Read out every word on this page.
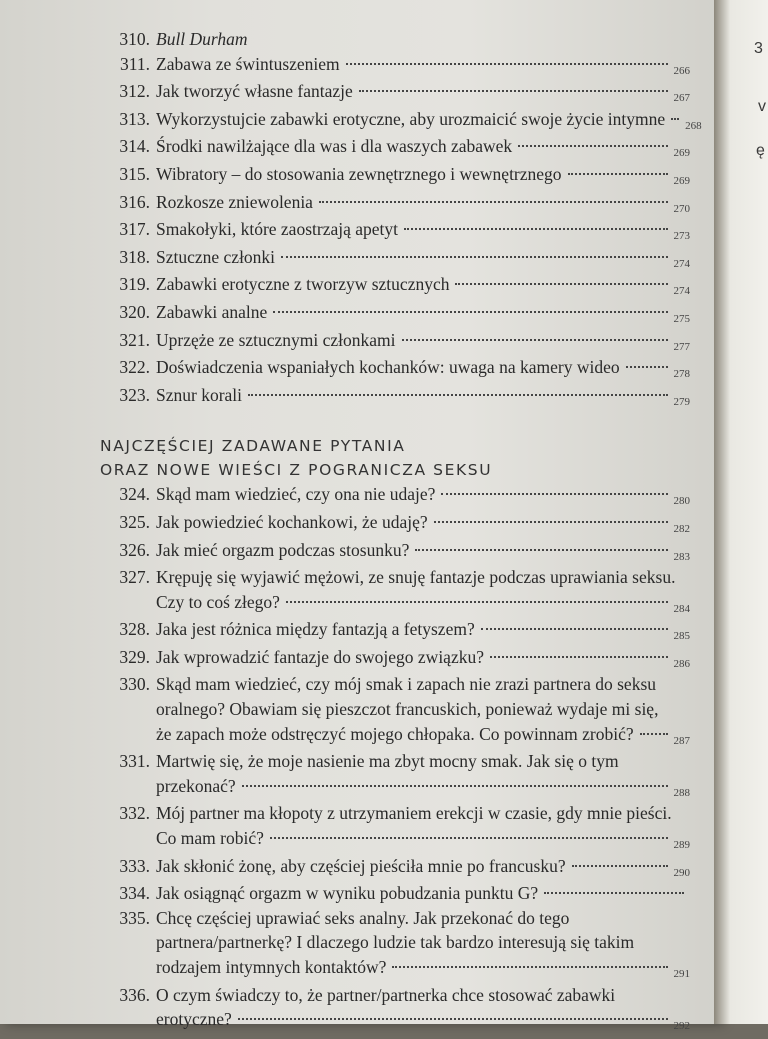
310. Bull Durham
311. Zabawa ze świntuszeniem	266
312. Jak tworzyć własne fantazje	267
313. Wykorzystujcie zabawki erotyczne, aby urozmaicić swoje życie intymne 268
314. Środki nawilżające dla was i dla waszych zabawek	269
315. Wibratory – do stosowania zewnętrznego i wewnętrznego	269
316. Rozkosze zniewolenia	270
317. Smakołyki, które zaostrzają apetyt	273
318. Sztuczne członki	274
319. Zabawki erotyczne z tworzyw sztucznych	274
320. Zabawki analne	275
321. Uprzęże ze sztucznymi członkami	277
322. Doświadczenia wspaniałych kochanków: uwaga na kamery wideo	278
323. Sznur korali	279
NAJCZĘŚCIEJ ZADAWANE PYTANIA
ORAZ NOWE WIEŚCI Z POGRANICZA SEKSU
324. Skąd mam wiedzieć, czy ona nie udaje?	280
325. Jak powiedzieć kochankowi, że udaję?	282
326. Jak mieć orgazm podczas stosunku?	283
327. Krępuję się wyjawić mężowi, ze snuję fantazje podczas uprawiania seksu.
Czy to coś złego?	284
328. Jaka jest różnica między fantazją a fetyszem?	285
329. Jak wprowadzić fantazje do swojego związku?	286
330. Skąd mam wiedzieć, czy mój smak i zapach nie zrazi partnera do seksu
oralnego? Obawiam się pieszczot francuskich, ponieważ wydaje mi się,
że zapach może odstręczyć mojego chłopaka. Co powinnam zrobić?	287
331. Martwię się, że moje nasienie ma zbyt mocny smak. Jak się o tym
przekonać?	288
332. Mój partner ma kłopoty z utrzymaniem erekcji w czasie, gdy mnie pieści.
Co mam robić?	289
333. Jak skłonić żonę, aby częściej pieściła mnie po francusku?	290
334. Jak osiągnąć orgazm w wyniku pobudzania punktu G?
335. Chcę częściej uprawiać seks analny. Jak przekonać do tego
partnera/partnerkę? I dlaczego ludzie tak bardzo interesują się takim
rodzajem intymnych kontaktów?	291
336. O czym świadczy to, że partner/partnerka chce stosować zabawki
erotyczne?	292
3
v
ę
